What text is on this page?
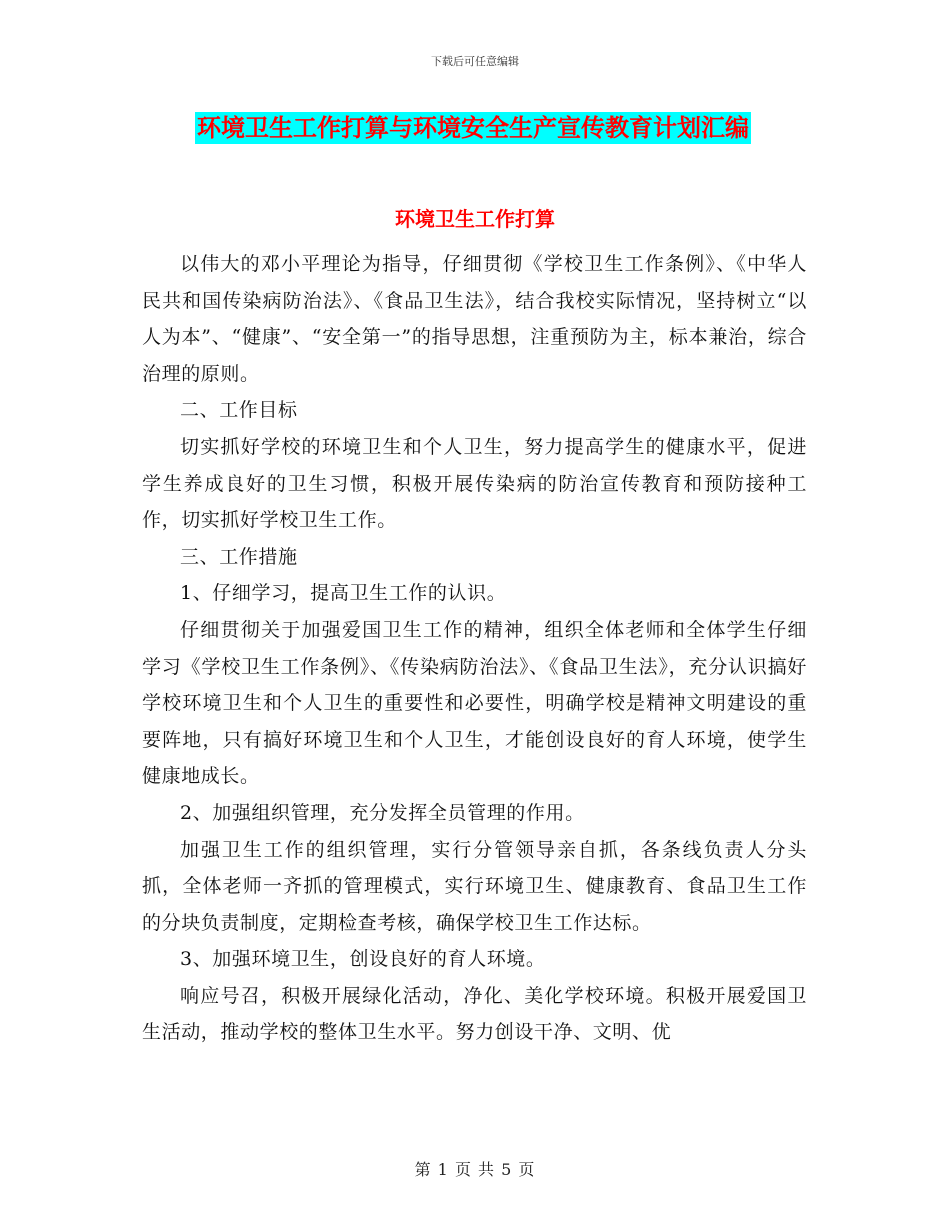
下载后可任意编辑
环境卫生工作打算与环境安全生产宣传教育计划汇编
环境卫生工作打算

以伟大的邓小平理论为指导，仔细贯彻《学校卫生工作条例》、《中华人民共和国传染病防治法》、《食品卫生法》，结合我校实际情况，坚持树立“以人为本”、“健康”、“安全第一”的指导思想，注重预防为主，标本兼治，综合治理的原则。

二、工作目标

切实抓好学校的环境卫生和个人卫生，努力提高学生的健康水平，促进学生养成良好的卫生习惯，积极开展传染病的防治宣传教育和预防接种工作，切实抓好学校卫生工作。

三、工作措施

1、仔细学习，提高卫生工作的认识。

仔细贯彻关于加强爱国卫生工作的精神，组织全体老师和全体学生仔细学习《学校卫生工作条例》、《传染病防治法》、《食品卫生法》，充分认识搞好学校环境卫生和个人卫生的重要性和必要性，明确学校是精神文明建设的重要阵地，只有搞好环境卫生和个人卫生，才能创设良好的育人环境，使学生健康地成长。

2、加强组织管理，充分发挥全员管理的作用。

加强卫生工作的组织管理，实行分管领导亲自抓，各条线负责人分头抓，全体老师一齐抓的管理模式，实行环境卫生、健康教育、食品卫生工作的分块负责制度，定期检查考核，确保学校卫生工作达标。

3、加强环境卫生，创设良好的育人环境。

响应号召，积极开展绿化活动，净化、美化学校环境。积极开展爱国卫生活动，推动学校的整体卫生水平。努力创设干净、文明、优

第 1 页 共 5 页
